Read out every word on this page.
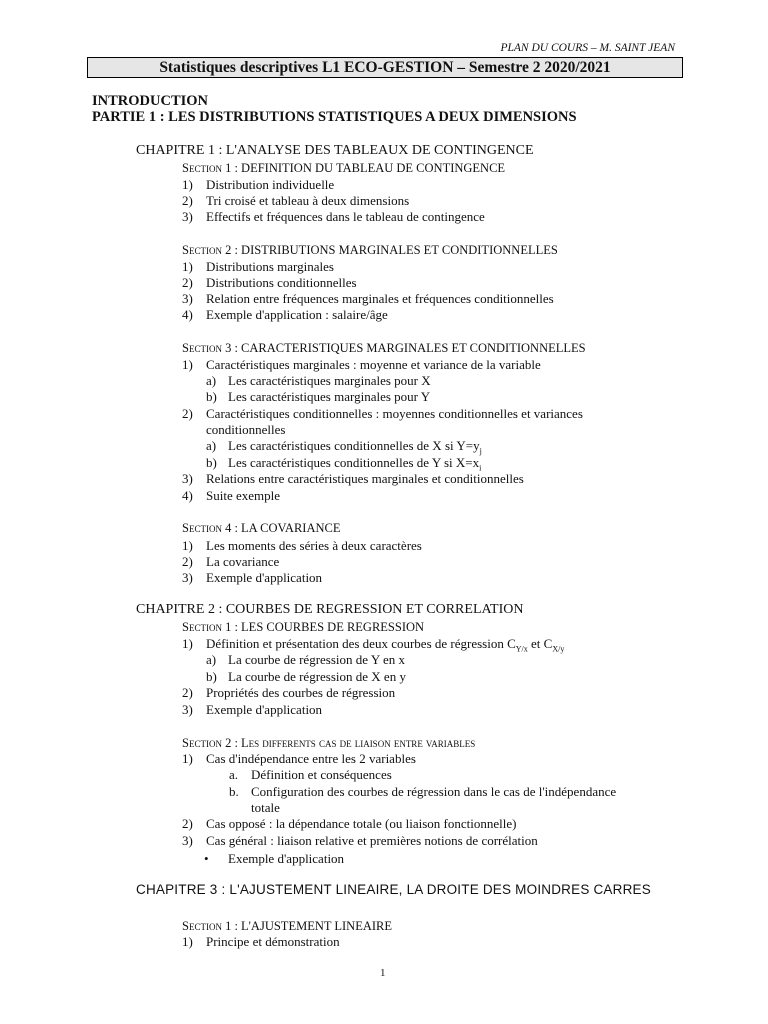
PLAN DU COURS – M. SAINT JEAN
Statistiques descriptives L1 ECO-GESTION – Semestre 2 2020/2021
INTRODUCTION
PARTIE 1 : LES DISTRIBUTIONS STATISTIQUES A DEUX DIMENSIONS
CHAPITRE 1 : L'ANALYSE DES TABLEAUX DE CONTINGENCE
Section 1 : DEFINITION DU TABLEAU DE CONTINGENCE
1) Distribution individuelle
2) Tri croisé et tableau à deux dimensions
3) Effectifs et fréquences dans le tableau de contingence
Section 2 : DISTRIBUTIONS MARGINALES ET CONDITIONNELLES
1) Distributions marginales
2) Distributions conditionnelles
3) Relation entre fréquences marginales et fréquences conditionnelles
4) Exemple d'application : salaire/âge
Section 3 : CARACTERISTIQUES MARGINALES ET CONDITIONNELLES
1) Caractéristiques marginales : moyenne et variance de la variable
a) Les caractéristiques marginales pour X
b) Les caractéristiques marginales pour Y
2) Caractéristiques conditionnelles : moyennes conditionnelles et variances
conditionnelles
a) Les caractéristiques conditionnelles de X si $Y=y_j$
b) Les caractéristiques conditionnelles de Y si $X=x_i$
3) Relations entre caractéristiques marginales et conditionnelles
4) Suite exemple
Section 4 : LA COVARIANCE
1) Les moments des séries à deux caractères
2) La covariance
3) Exemple d'application
CHAPITRE 2 : COURBES DE REGRESSION ET CORRELATION
Section 1 : LES COURBES DE REGRESSION
1) Définition et présentation des deux courbes de régression $C_{Y/x}$ et $C_{X/y}$
a) La courbe de régression de Y en x
b) La courbe de régression de X en y
2) Propriétés des courbes de régression
3) Exemple d'application
Section 2 : Les differents cas de liaison entre variables
1) Cas d'indépendance entre les 2 variables
a. Définition et conséquences
b. Configuration des courbes de régression dans le cas de l'indépendance
totale
2) Cas opposé : la dépendance totale (ou liaison fonctionnelle)
3) Cas général : liaison relative et premières notions de corrélation
• Exemple d'application
CHAPITRE 3 : L'AJUSTEMENT LINEAIRE, LA DROITE DES MOINDRES CARRES
Section 1 : L'AJUSTEMENT LINEAIRE
1) Principe et démonstration
1
